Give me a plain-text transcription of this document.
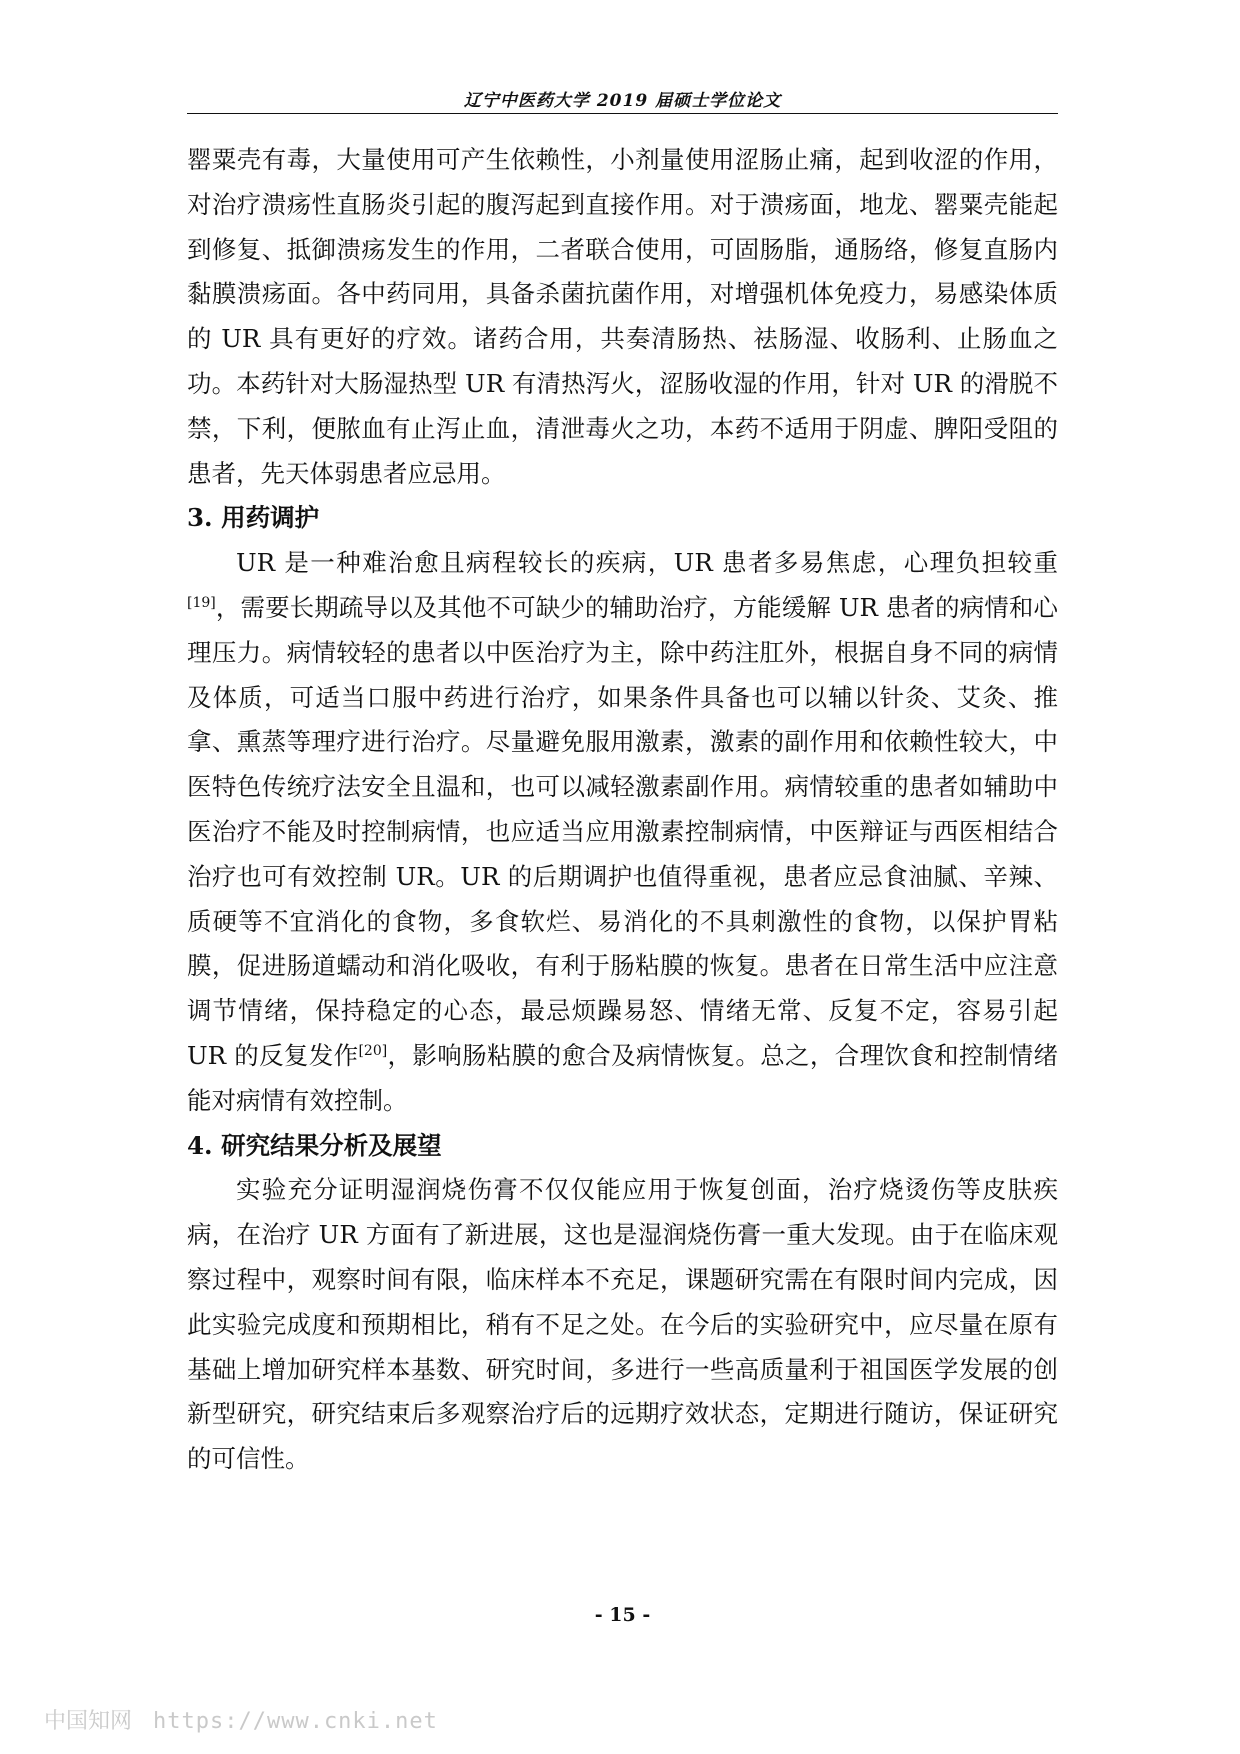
辽宁中医药大学 2019 届硕士学位论文

罂粟壳有毒，大量使用可产生依赖性，小剂量使用涩肠止痛，起到收涩的作用，对治疗溃疡性直肠炎引起的腹泻起到直接作用。对于溃疡面，地龙、罂粟壳能起到修复、抵御溃疡发生的作用，二者联合使用，可固肠脂，通肠络，修复直肠内黏膜溃疡面。各中药同用，具备杀菌抗菌作用，对增强机体免疫力，易感染体质的 UR 具有更好的疗效。诸药合用，共奏清肠热、祛肠湿、收肠利、止肠血之功。本药针对大肠湿热型 UR 有清热泻火，涩肠收湿的作用，针对 UR 的滑脱不禁，下利，便脓血有止泻止血，清泄毒火之功，本药不适用于阴虚、脾阳受阻的患者，先天体弱患者应忌用。

3. 用药调护

UR 是一种难治愈且病程较长的疾病，UR 患者多易焦虑，心理负担较重[19]，需要长期疏导以及其他不可缺少的辅助治疗，方能缓解 UR 患者的病情和心理压力。病情较轻的患者以中医治疗为主，除中药注肛外，根据自身不同的病情及体质，可适当口服中药进行治疗，如果条件具备也可以辅以针灸、艾灸、推拿、熏蒸等理疗进行治疗。尽量避免服用激素，激素的副作用和依赖性较大，中医特色传统疗法安全且温和，也可以减轻激素副作用。病情较重的患者如辅助中医治疗不能及时控制病情，也应适当应用激素控制病情，中医辩证与西医相结合治疗也可有效控制 UR。UR 的后期调护也值得重视，患者应忌食油腻、辛辣、质硬等不宜消化的食物，多食软烂、易消化的不具刺激性的食物，以保护胃粘膜，促进肠道蠕动和消化吸收，有利于肠粘膜的恢复。患者在日常生活中应注意调节情绪，保持稳定的心态，最忌烦躁易怒、情绪无常、反复不定，容易引起 UR 的反复发作[20]，影响肠粘膜的愈合及病情恢复。总之，合理饮食和控制情绪能对病情有效控制。

4. 研究结果分析及展望

实验充分证明湿润烧伤膏不仅仅能应用于恢复创面，治疗烧烫伤等皮肤疾病，在治疗 UR 方面有了新进展，这也是湿润烧伤膏一重大发现。由于在临床观察过程中，观察时间有限，临床样本不充足，课题研究需在有限时间内完成，因此实验完成度和预期相比，稍有不足之处。在今后的实验研究中，应尽量在原有基础上增加研究样本基数、研究时间，多进行一些高质量利于祖国医学发展的创新型研究，研究结束后多观察治疗后的远期疗效状态，定期进行随访，保证研究的可信性。

- 15 -
中国知网 https://www.cnki.net
